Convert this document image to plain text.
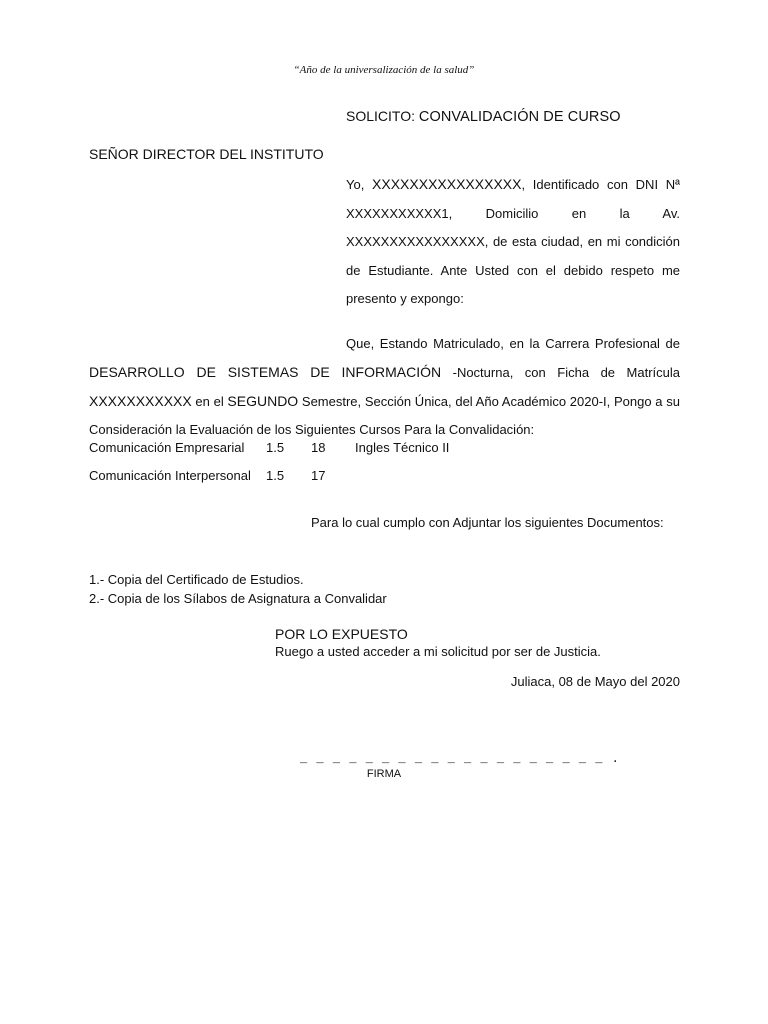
“Año de la universalización de la salud”
SOLICITO: CONVALIDACIÓN DE CURSO
SEÑOR DIRECTOR DEL INSTITUTO
Yo, XXXXXXXXXXXXXXXX, Identificado con DNI Nª XXXXXXXXXXX1, Domicilio en la Av. XXXXXXXXXXXXXXXX, de esta ciudad, en mi condición de Estudiante. Ante Usted con el debido respeto me presento y expongo:
Que, Estando Matriculado, en la Carrera Profesional de DESARROLLO DE SISTEMAS DE INFORMACIÓN -Nocturna, con Ficha de Matrícula XXXXXXXXXXX en el SEGUNDO Semestre, Sección Única, del Año Académico 2020-I, Pongo a su Consideración la Evaluación de los Siguientes Cursos Para la Convalidación:
Comunicación Empresarial 1.5 18 Ingles Técnico II
Comunicación Interpersonal 1.5 17
Para lo cual cumplo con Adjuntar los siguientes Documentos:
1.- Copia del Certificado de Estudios.
2.- Copia de los Sílabos de Asignatura a Convalidar
POR LO EXPUESTO
Ruego a usted acceder a mi solicitud por ser de Justicia.
Juliaca, 08 de Mayo del 2020
_ _ _ _ _ _ _ _ _ _ _ _ _ _ _ _ _ _ _ .
FIRMA
